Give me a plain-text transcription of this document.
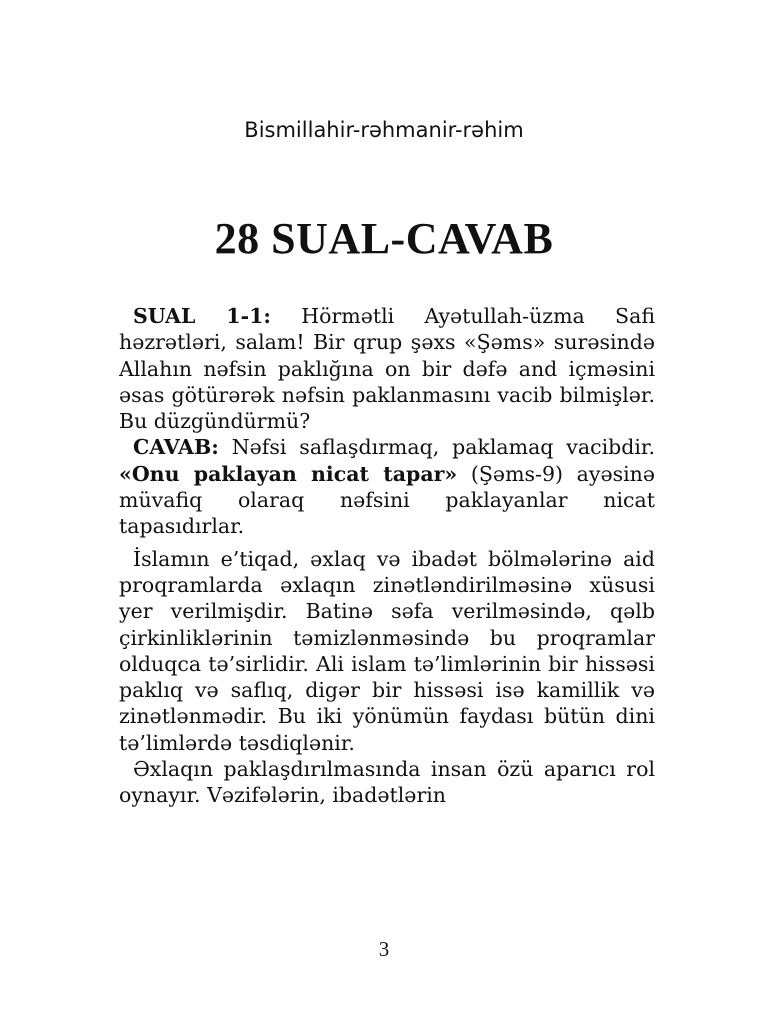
Bismillahir-rəhmanir-rəhim
28 SUAL-CAVAB

SUAL 1-1: Hörmətli Ayətullah-üzma Safi həzrətləri, salam! Bir qrup şəxs «Şəms» surəsində Allahın nəfsin paklığına on bir dəfə and içməsini əsas götürərək nəfsin paklanmasını vacib bilmişlər. Bu düzgündürmü?

CAVAB: Nəfsi saflaşdırmaq, paklamaq vacibdir. «Onu paklayan nicat tapar» (Şəms-9) ayəsinə müvafiq olaraq nəfsini paklayanlar nicat tapasıdırlar.

İslamın e’tiqad, əxlaq və ibadət bölmələrinə aid proqramlarda əxlaqın zinətləndirilməsinə xüsusi yer verilmişdir. Batinə səfa verilməsində, qəlb çirkinliklərinin təmizlənməsində bu proqramlar olduqca tə’sirlidir. Ali islam tə’limlərinin bir hissəsi paklıq və saflıq, digər bir hissəsi isə kamillik və zinətlənmədir. Bu iki yönümün faydası bütün dini tə’limlərdə təsdiqlənir.

Əxlaqın paklaşdırılmasında insan özü aparıcı rol oynayır. Vəzifələrin, ibadətlərin

3
